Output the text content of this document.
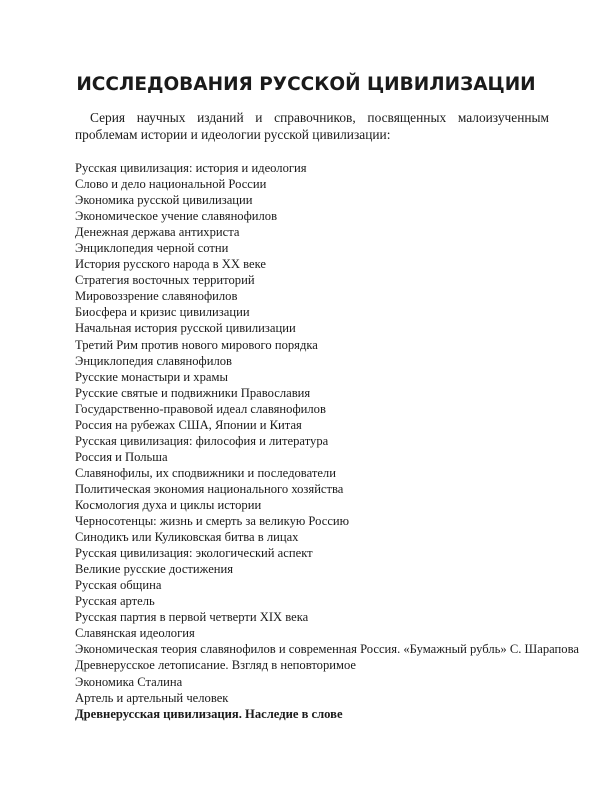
ИССЛЕДОВАНИЯ РУССКОЙ ЦИВИЛИЗАЦИИ

Серия научных изданий и справочников, посвященных малоизученным проблемам истории и идеологии русской цивилизации:

Русская цивилизация: история и идеология
Слово и дело национальной России
Экономика русской цивилизации
Экономическое учение славянофилов
Денежная держава антихриста
Энциклопедия черной сотни
История русского народа в XX веке
Стратегия восточных территорий
Мировоззрение славянофилов
Биосфера и кризис цивилизации
Начальная история русской цивилизации
Третий Рим против нового мирового порядка
Энциклопедия славянофилов
Русские монастыри и храмы
Русские святые и подвижники Православия
Государственно-правовой идеал славянофилов
Россия на рубежах США, Японии и Китая
Русская цивилизация: философия и литература
Россия и Польша
Славянофилы, их сподвижники и последователи
Политическая экономия национального хозяйства
Космология духа и циклы истории
Черносотенцы: жизнь и смерть за великую Россию
Синодикъ или Куликовская битва в лицах
Русская цивилизация: экологический аспект
Великие русские достижения
Русская община
Русская артель
Русская партия в первой четверти XIX века
Славянская идеология
Экономическая теория славянофилов и современная Россия. «Бумажный рубль» С. Шарапова
Древнерусское летописание. Взгляд в неповторимое
Экономика Сталина
Артель и артельный человек
Древнерусская цивилизация. Наследие в слове
